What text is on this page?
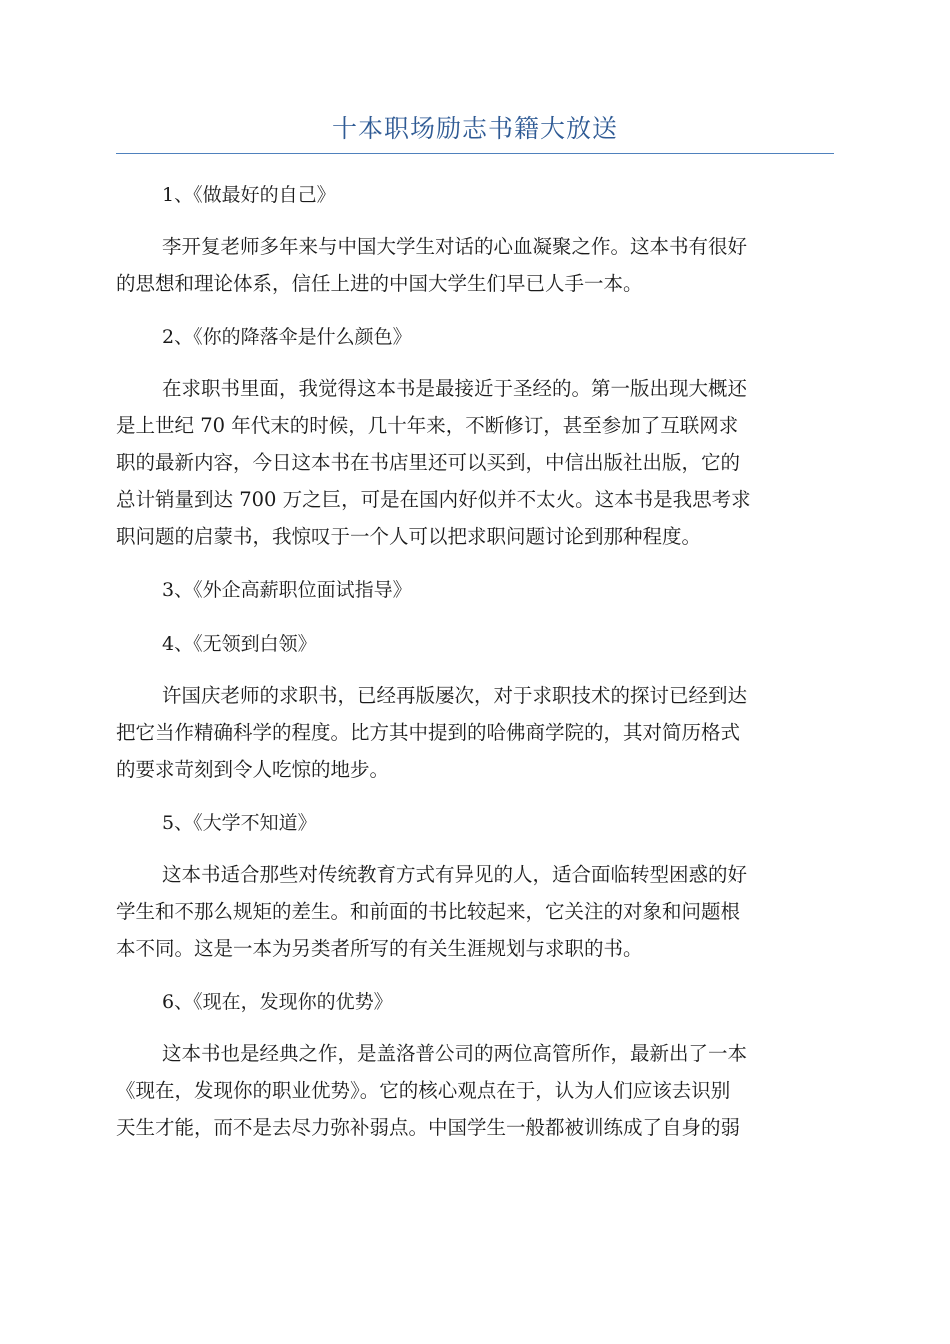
十本职场励志书籍大放送

1、《做最好的自己》

李开复老师多年来与中国大学生对话的心血凝聚之作。这本书有很好
的思想和理论体系，信任上进的中国大学生们早已人手一本。

2、《你的降落伞是什么颜色》

在求职书里面，我觉得这本书是最接近于圣经的。第一版出现大概还
是上世纪 70 年代末的时候，几十年来，不断修订，甚至参加了互联网求
职的最新内容，今日这本书在书店里还可以买到，中信出版社出版，它的
总计销量到达 700 万之巨，可是在国内好似并不太火。这本书是我思考求
职问题的启蒙书，我惊叹于一个人可以把求职问题讨论到那种程度。

3、《外企高薪职位面试指导》

4、《无领到白领》

许国庆老师的求职书，已经再版屡次，对于求职技术的探讨已经到达
把它当作精确科学的程度。比方其中提到的哈佛商学院的，其对简历格式
的要求苛刻到令人吃惊的地步。

5、《大学不知道》

这本书适合那些对传统教育方式有异见的人，适合面临转型困惑的好
学生和不那么规矩的差生。和前面的书比较起来，它关注的对象和问题根
本不同。这是一本为另类者所写的有关生涯规划与求职的书。

6、《现在，发现你的优势》

这本书也是经典之作，是盖洛普公司的两位高管所作，最新出了一本
《现在，发现你的职业优势》。它的核心观点在于，认为人们应该去识别
天生才能，而不是去尽力弥补弱点。中国学生一般都被训练成了自身的弱
